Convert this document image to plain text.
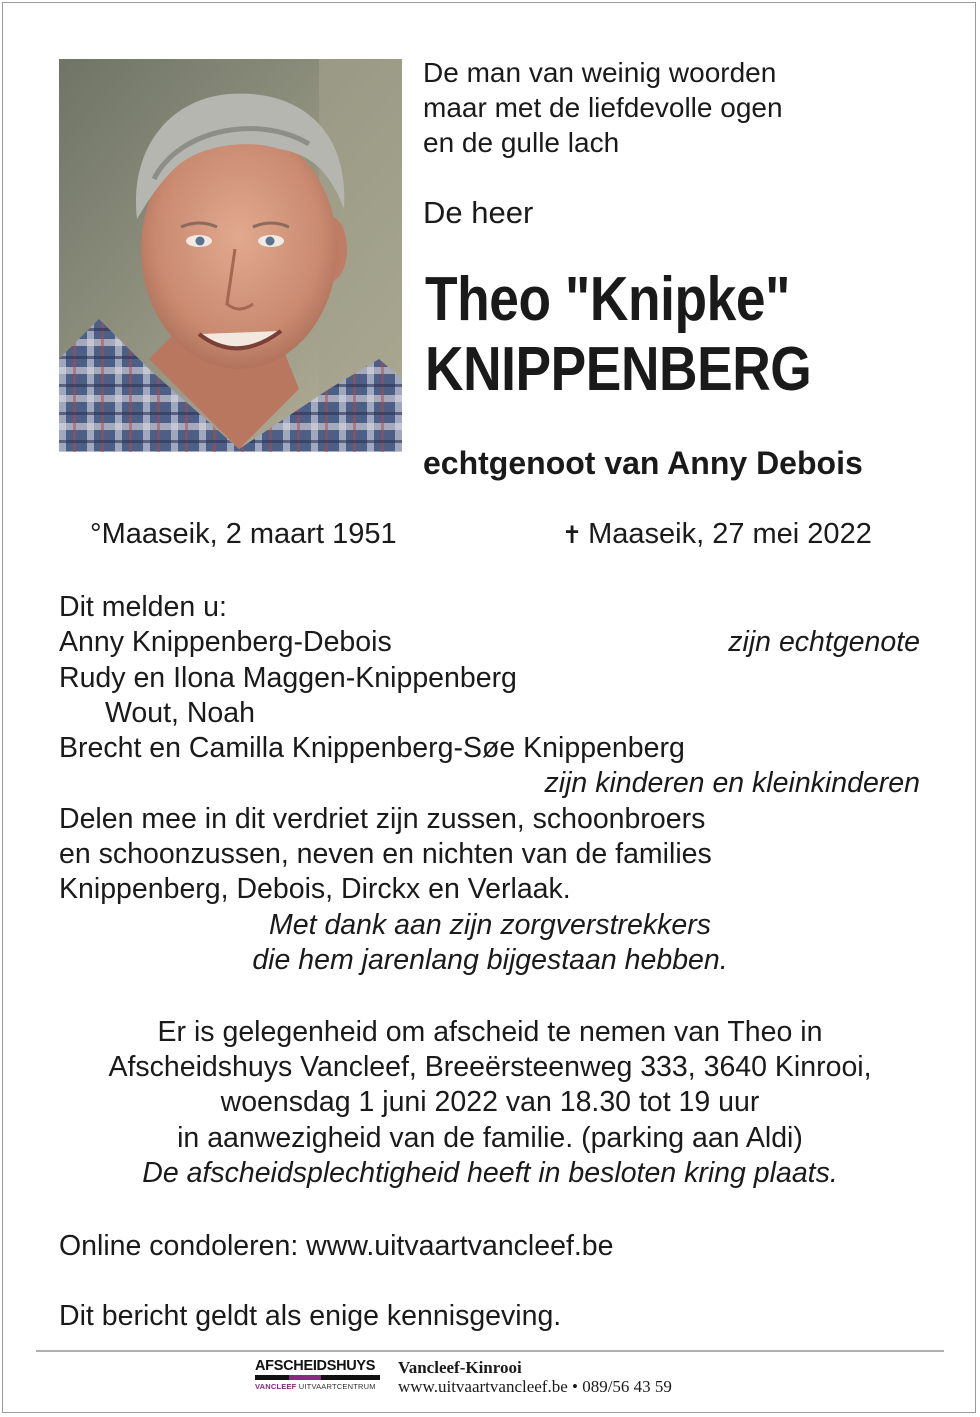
De man van weinig woorden
maar met de liefdevolle ogen
en de gulle lach
De heer
Theo "Knipke"
KNIPPENBERG
echtgenoot van Anny Debois
°Maaseik, 2 maart 1951	✝ Maaseik, 27 mei 2022
Dit melden u:
Anny Knippenberg-Debois	zijn echtgenote
Rudy en Ilona Maggen-Knippenberg
Wout, Noah
Brecht en Camilla Knippenberg-Søe Knippenberg
zijn kinderen en kleinkinderen
Delen mee in dit verdriet zijn zussen, schoonbroers
en schoonzussen, neven en nichten van de families
Knippenberg, Debois, Dirckx en Verlaak.
Met dank aan zijn zorgverstrekkers
die hem jarenlang bijgestaan hebben.
Er is gelegenheid om afscheid te nemen van Theo in
Afscheidshuys Vancleef, Breeërsteenweg 333, 3640 Kinrooi,
woensdag 1 juni 2022 van 18.30 tot 19 uur
in aanwezigheid van de familie. (parking aan Aldi)
De afscheidsplechtigheid heeft in besloten kring plaats.
Online condoleren: www.uitvaartvancleef.be
Dit bericht geldt als enige kennisgeving.
AFSCHEIDSHUYS
VANCLEEF UITVAARTCENTRUM
Vancleef-Kinrooi
www.uitvaartvancleef.be • 089/56 43 59
